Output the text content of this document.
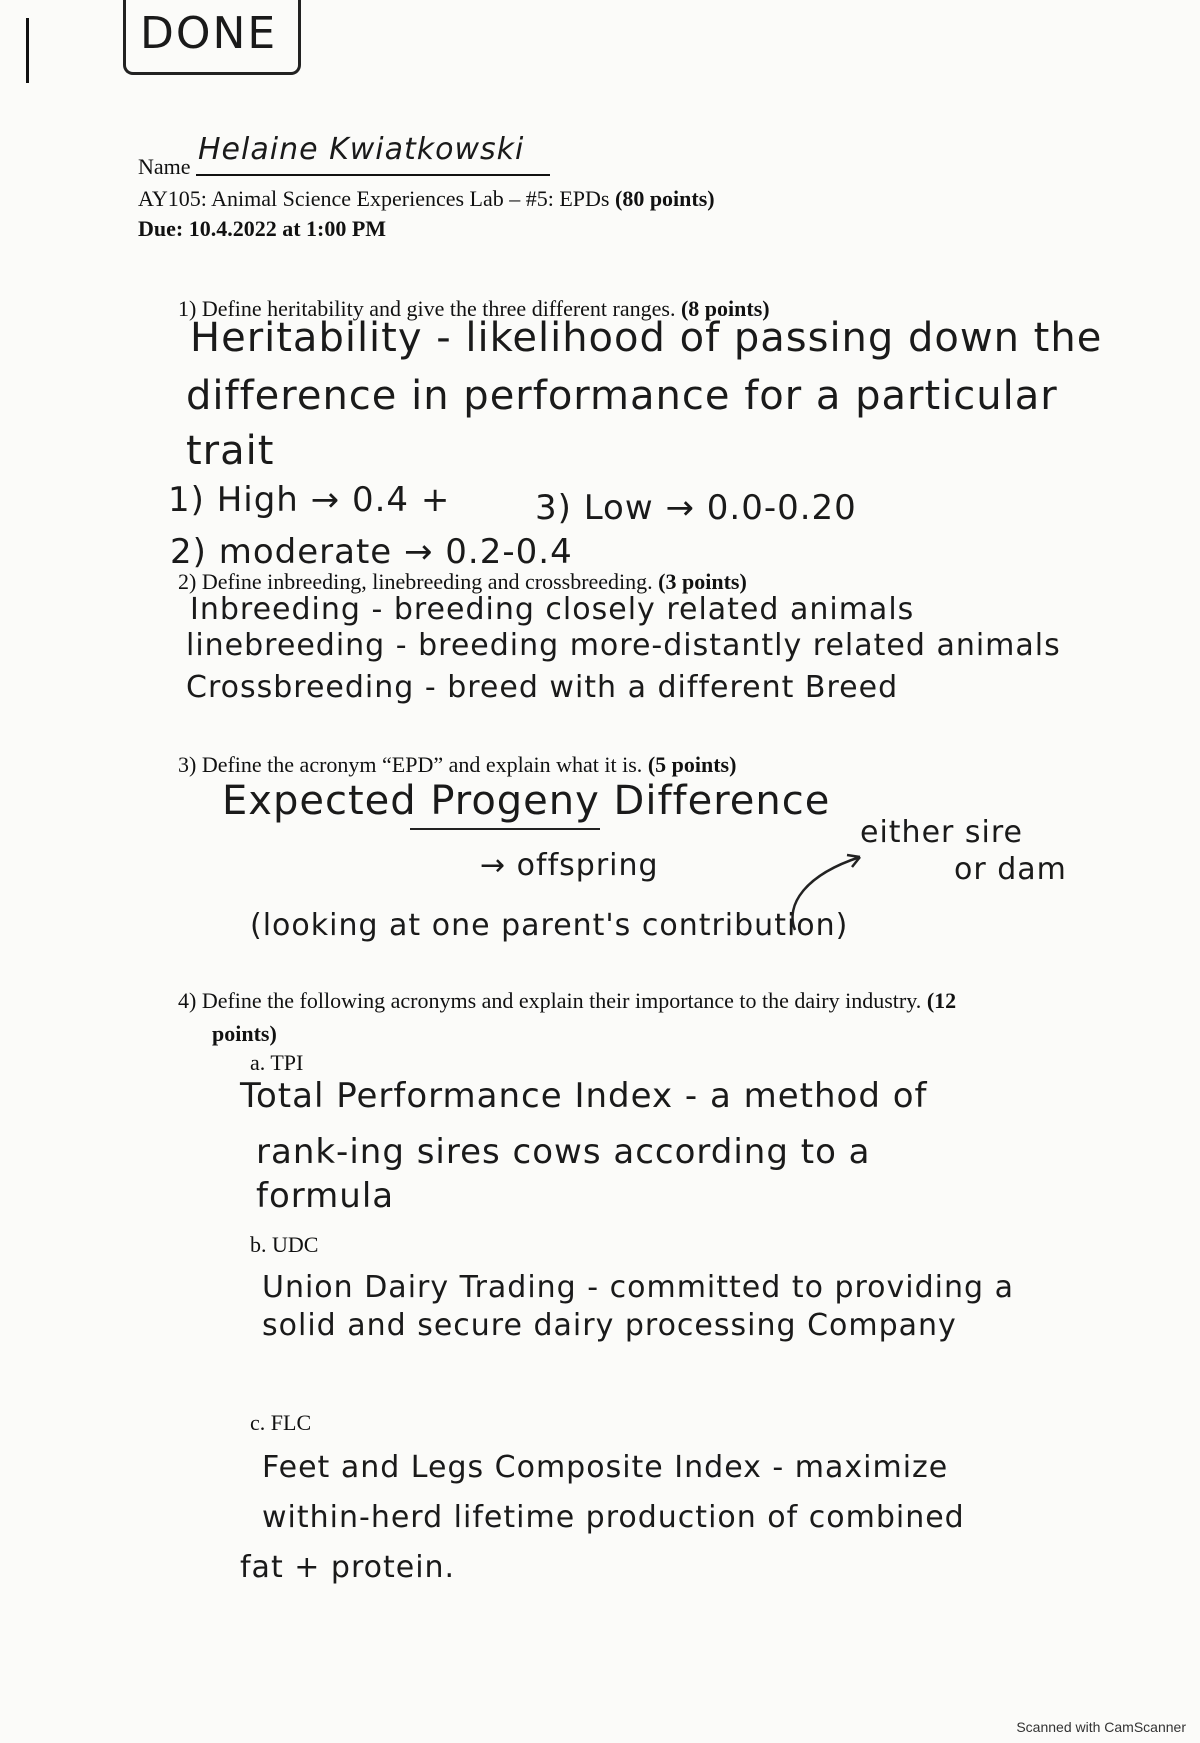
DONE
Name Helaine Kwiatkowski
AY105: Animal Science Experiences Lab – #5: EPDs (80 points)
Due: 10.4.2022 at 1:00 PM
1) Define heritability and give the three different ranges. (8 points)
Heritability - likelihood of passing down the
difference in performance for a particular
trait
1) High → 0.4 + 3) Low → 0.0-0.20
2) moderate → 0.2-0.4
2) Define inbreeding, linebreeding and crossbreeding. (3 points)
Inbreeding - breeding closely related animals
linebreeding - breeding more-distantly related animals
Crossbreeding - breed with a different Breed
3) Define the acronym “EPD” and explain what it is. (5 points)
Expected Progeny Difference
→ offspring
either sire
or dam
(looking at one parent's contribution)
4) Define the following acronyms and explain their importance to the dairy industry. (12
points)
a. TPI
Total Performance Index - a method of
rank-ing sires cows according to a
formula
b. UDC
Union Dairy Trading - committed to providing a
solid and secure dairy processing Company
c. FLC
Feet and Legs Composite Index - maximize
within-herd lifetime production of combined
fat + protein.
Scanned with CamScanner
